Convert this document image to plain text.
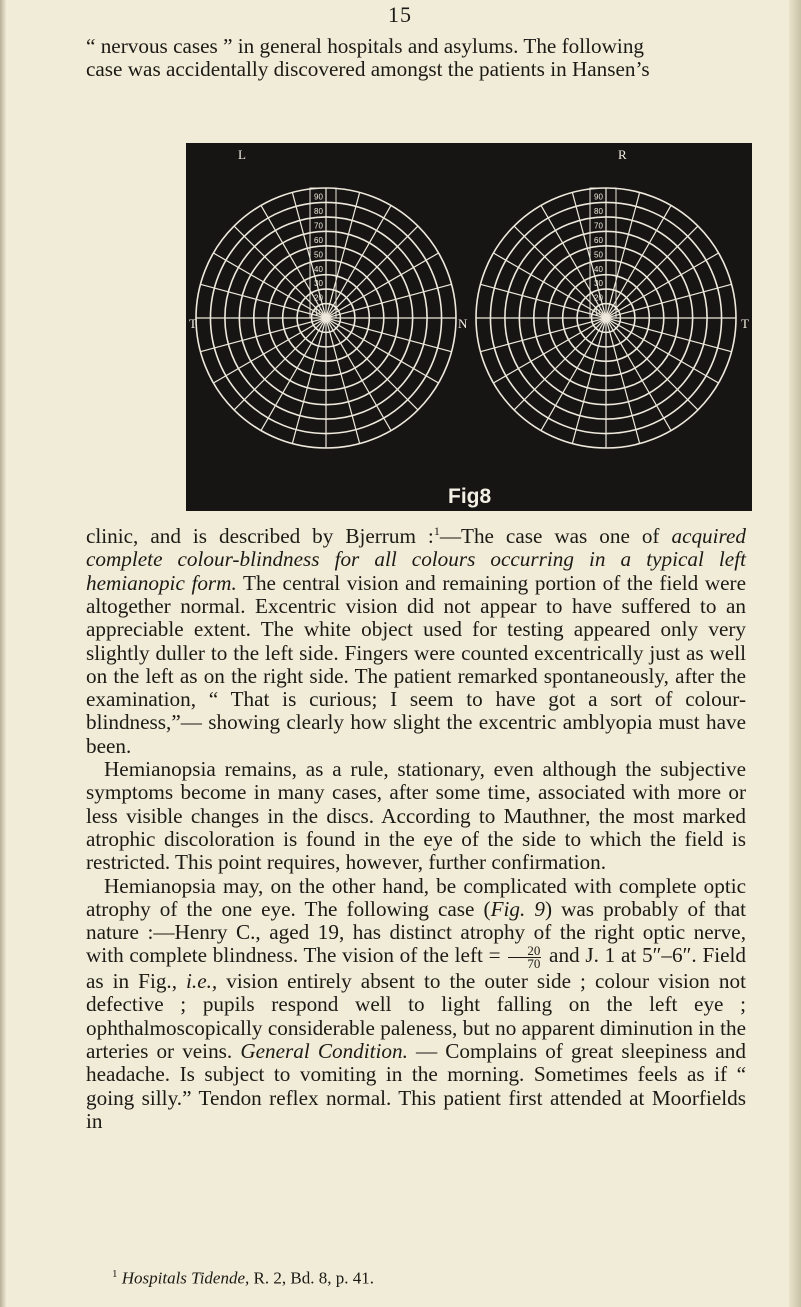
15

“ nervous cases ” in general hospitals and asylums. The following

case was accidentally discovered amongst the patients in Hansen’s

90
80
70
60
50
40
30
20
10
90
80
70
60
50
40
30
20
10
L	R
T	N	T
Fig8

clinic, and is described by Bjerrum :$^1$—The case was one of acquired complete colour-blindness for all colours occurring in a typical left hemianopic form. The central vision and remaining portion of the field were altogether normal. Excentric vision did not appear to have suffered to an appreciable extent. The white object used for testing appeared only very slightly duller to the left side. Fingers were counted excentrically just as well on the left as on the right side. The patient remarked spontaneously, after the examination, “ That is curious; I seem to have got a sort of colour-blindness,”— showing clearly how slight the excentric amblyopia must have been.

Hemianopsia remains, as a rule, stationary, even although the subjective symptoms become in many cases, after some time, associated with more or less visible changes in the discs. According to Mauthner, the most marked atrophic discoloration is found in the eye of the side to which the field is restricted. This point requires, however, further confirmation.

Hemianopsia may, on the other hand, be complicated with complete optic atrophy of the one eye. The following case (Fig. 9) was probably of that nature :—Henry C., aged 19, has distinct atrophy of the right optic nerve, with complete blindness. The vision of the left = $\frac{20}{70}$ and J. 1 at 5″–6″. Field as in Fig., i.e., vision entirely absent to the outer side ; colour vision not defective ; pupils respond well to light falling on the left eye ; ophthalmoscopically considerable paleness, but no apparent diminution in the arteries or veins. General Condition. — Complains of great sleepiness and headache. Is subject to vomiting in the morning. Sometimes feels as if “ going silly.” Tendon reflex normal. This patient first attended at Moorfields in

$^1$ Hospitals Tidende, R. 2, Bd. 8, p. 41.
